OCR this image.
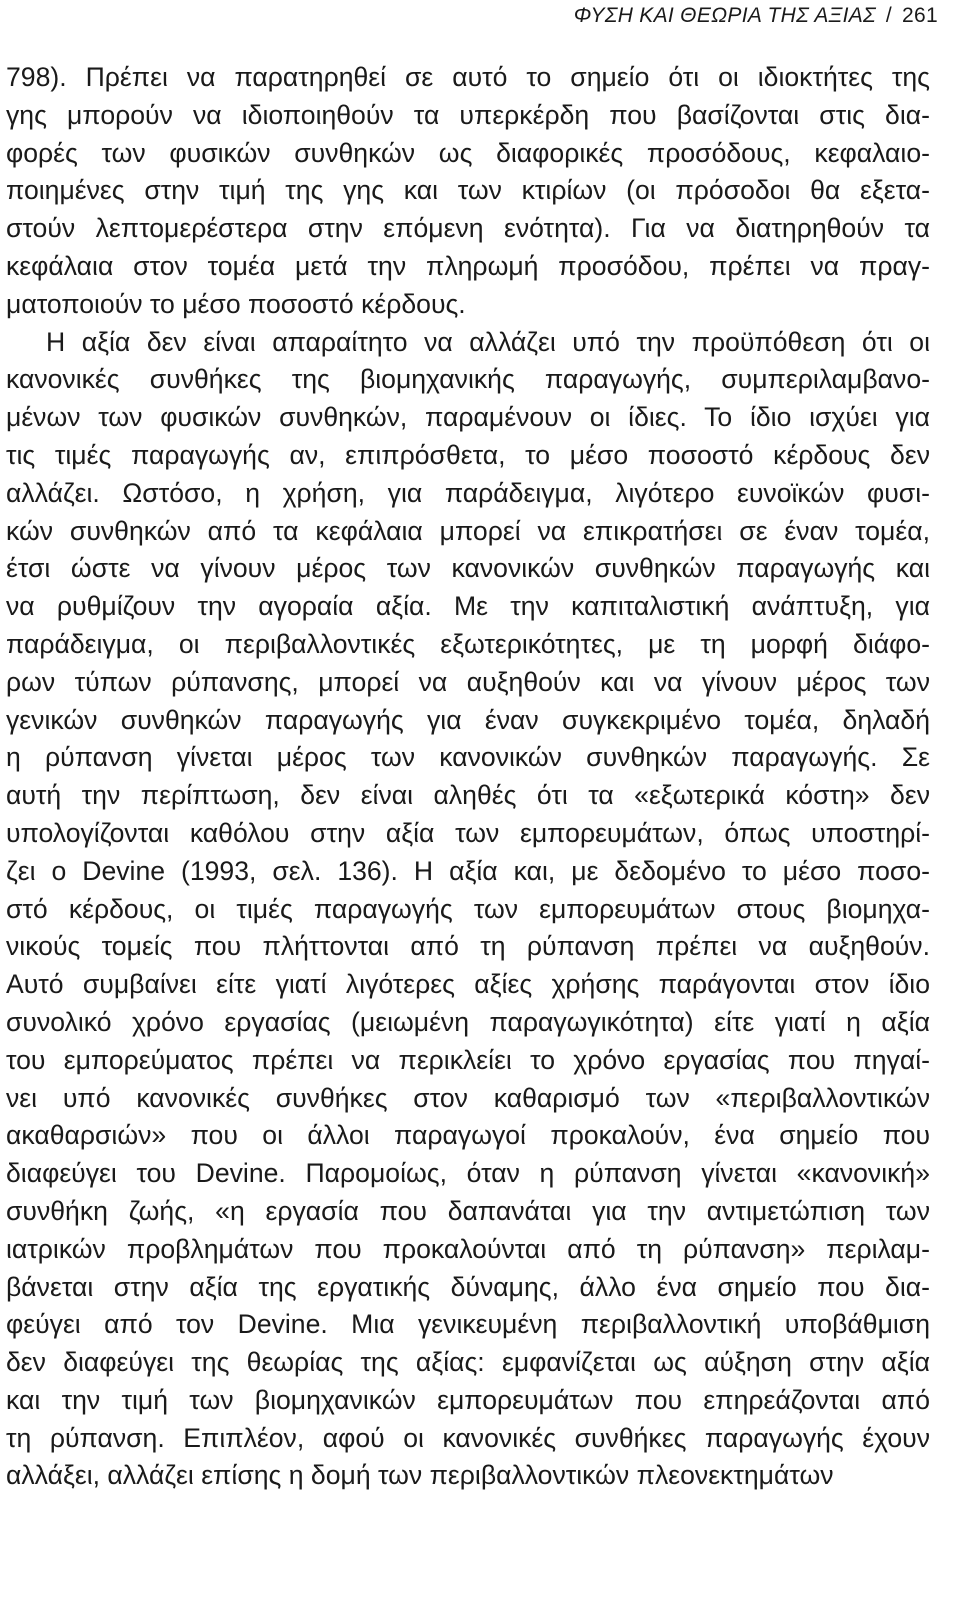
ΦΥΣΗ ΚΑΙ ΘΕΩΡΙΑ ΤΗΣ ΑΞΙΑΣ / 261
798). Πρέπει να παρατηρηθεί σε αυτό το σημείο ότι οι ιδιοκτήτες της
γης μπορούν να ιδιοποιηθούν τα υπερκέρδη που βασίζονται στις δια-
φορές των φυσικών συνθηκών ως διαφορικές προσόδους, κεφαλαιο-
ποιημένες στην τιμή της γης και των κτιρίων (οι πρόσοδοι θα εξετα-
στούν λεπτομερέστερα στην επόμενη ενότητα). Για να διατηρηθούν τα
κεφάλαια στον τομέα μετά την πληρωμή προσόδου, πρέπει να πραγ-
ματοποιούν το μέσο ποσοστό κέρδους.
Η αξία δεν είναι απαραίτητο να αλλάζει υπό την προϋπόθεση ότι οι
κανονικές συνθήκες της βιομηχανικής παραγωγής, συμπεριλαμβανο-
μένων των φυσικών συνθηκών, παραμένουν οι ίδιες. Το ίδιο ισχύει για
τις τιμές παραγωγής αν, επιπρόσθετα, το μέσο ποσοστό κέρδους δεν
αλλάζει. Ωστόσο, η χρήση, για παράδειγμα, λιγότερο ευνοϊκών φυσι-
κών συνθηκών από τα κεφάλαια μπορεί να επικρατήσει σε έναν τομέα,
έτσι ώστε να γίνουν μέρος των κανονικών συνθηκών παραγωγής και
να ρυθμίζουν την αγοραία αξία. Με την καπιταλιστική ανάπτυξη, για
παράδειγμα, οι περιβαλλοντικές εξωτερικότητες, με τη μορφή διάφο-
ρων τύπων ρύπανσης, μπορεί να αυξηθούν και να γίνουν μέρος των
γενικών συνθηκών παραγωγής για έναν συγκεκριμένο τομέα, δηλαδή
η ρύπανση γίνεται μέρος των κανονικών συνθηκών παραγωγής. Σε
αυτή την περίπτωση, δεν είναι αληθές ότι τα «εξωτερικά κόστη» δεν
υπολογίζονται καθόλου στην αξία των εμπορευμάτων, όπως υποστηρί-
ζει ο Devine (1993, σελ. 136). Η αξία και, με δεδομένο το μέσο ποσο-
στό κέρδους, οι τιμές παραγωγής των εμπορευμάτων στους βιομηχα-
νικούς τομείς που πλήττονται από τη ρύπανση πρέπει να αυξηθούν.
Αυτό συμβαίνει είτε γιατί λιγότερες αξίες χρήσης παράγονται στον ίδιο
συνολικό χρόνο εργασίας (μειωμένη παραγωγικότητα) είτε γιατί η αξία
του εμπορεύματος πρέπει να περικλείει το χρόνο εργασίας που πηγαί-
νει υπό κανονικές συνθήκες στον καθαρισμό των «περιβαλλοντικών
ακαθαρσιών» που οι άλλοι παραγωγοί προκαλούν, ένα σημείο που
διαφεύγει του Devine. Παρομοίως, όταν η ρύπανση γίνεται «κανονική»
συνθήκη ζωής, «η εργασία που δαπανάται για την αντιμετώπιση των
ιατρικών προβλημάτων που προκαλούνται από τη ρύπανση» περιλαμ-
βάνεται στην αξία της εργατικής δύναμης, άλλο ένα σημείο που δια-
φεύγει από τον Devine. Μια γενικευμένη περιβαλλοντική υποβάθμιση
δεν διαφεύγει της θεωρίας της αξίας: εμφανίζεται ως αύξηση στην αξία
και την τιμή των βιομηχανικών εμπορευμάτων που επηρεάζονται από
τη ρύπανση. Επιπλέον, αφού οι κανονικές συνθήκες παραγωγής έχουν
αλλάξει, αλλάζει επίσης η δομή των περιβαλλοντικών πλεονεκτημάτων
